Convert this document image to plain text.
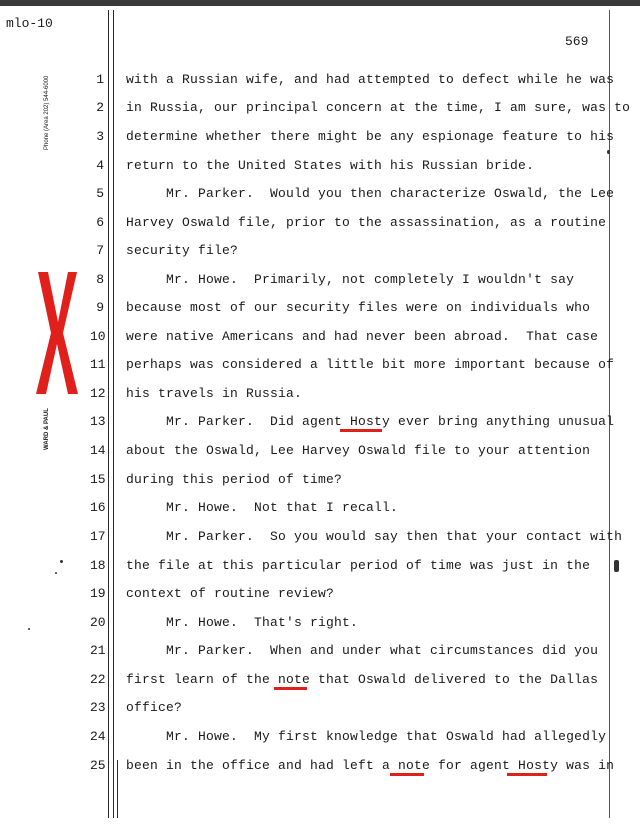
mlo-10
569
Phone (Area 202) 544-6000
WARD & PAUL
1 with a Russian wife, and had attempted to defect while he was
2 in Russia, our principal concern at the time, I am sure, was to
3 determine whether there might be any espionage feature to his
4 return to the United States with his Russian bride.
5 Mr. Parker.  Would you then characterize Oswald, the Lee
6 Harvey Oswald file, prior to the assassination, as a routine
7 security file?
8 Mr. Howe.  Primarily, not completely I wouldn't say
9 because most of our security files were on individuals who
10 were native Americans and had never been abroad.  That case
11 perhaps was considered a little bit more important because of
12 his travels in Russia.
13 Mr. Parker.  Did agent Hosty ever bring anything unusual
14 about the Oswald, Lee Harvey Oswald file to your attention
15 during this period of time?
16 Mr. Howe.  Not that I recall.
17 Mr. Parker.  So you would say then that your contact with
18 the file at this particular period of time was just in the
19 context of routine review?
20 Mr. Howe.  That's right.
21 Mr. Parker.  When and under what circumstances did you
22 first learn of the note that Oswald delivered to the Dallas
23 office?
24 Mr. Howe.  My first knowledge that Oswald had allegedly
25 been in the office and had left a note for agent Hosty was in
